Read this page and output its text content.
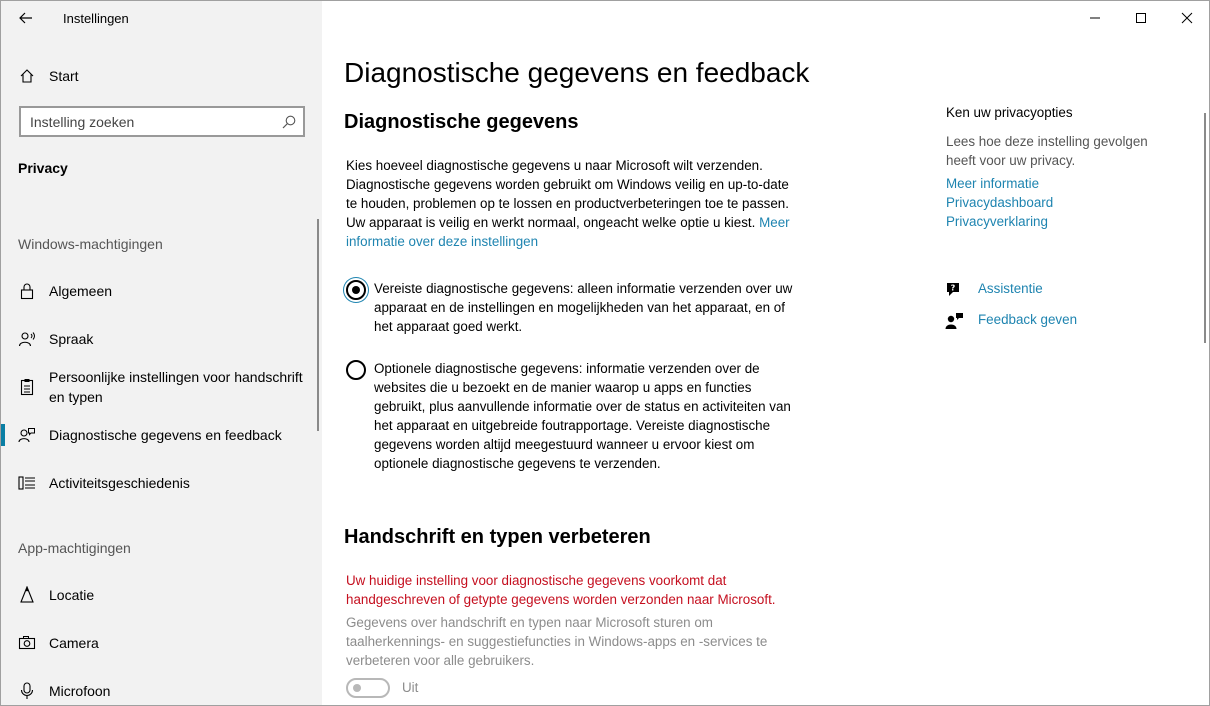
Instellingen
Start
Instelling zoeken
Privacy
Windows-machtigingen
Algemeen
Spraak
Persoonlijke instellingen voor handschrift en typen
Diagnostische gegevens en feedback
Activiteitsgeschiedenis
App-machtigingen
Locatie
Camera
Microfoon
Diagnostische gegevens en feedback
Diagnostische gegevens
Kies hoeveel diagnostische gegevens u naar Microsoft wilt verzenden. Diagnostische gegevens worden gebruikt om Windows veilig en up-to-date te houden, problemen op te lossen en productverbeteringen toe te passen. Uw apparaat is veilig en werkt normaal, ongeacht welke optie u kiest. Meer informatie over deze instellingen
Vereiste diagnostische gegevens: alleen informatie verzenden over uw apparaat en de instellingen en mogelijkheden van het apparaat, en of het apparaat goed werkt.
Optionele diagnostische gegevens: informatie verzenden over de websites die u bezoekt en de manier waarop u apps en functies gebruikt, plus aanvullende informatie over de status en activiteiten van het apparaat en uitgebreide foutrapportage. Vereiste diagnostische gegevens worden altijd meegestuurd wanneer u ervoor kiest om optionele diagnostische gegevens te verzenden.
Handschrift en typen verbeteren
Uw huidige instelling voor diagnostische gegevens voorkomt dat handgeschreven of getypte gegevens worden verzonden naar Microsoft.
Gegevens over handschrift en typen naar Microsoft sturen om taalherkennings- en suggestiefuncties in Windows-apps en -services te verbeteren voor alle gebruikers.
Uit
Ken uw privacyopties
Lees hoe deze instelling gevolgen heeft voor uw privacy.
Meer informatie
Privacydashboard
Privacyverklaring
? Assistentie
Feedback geven
